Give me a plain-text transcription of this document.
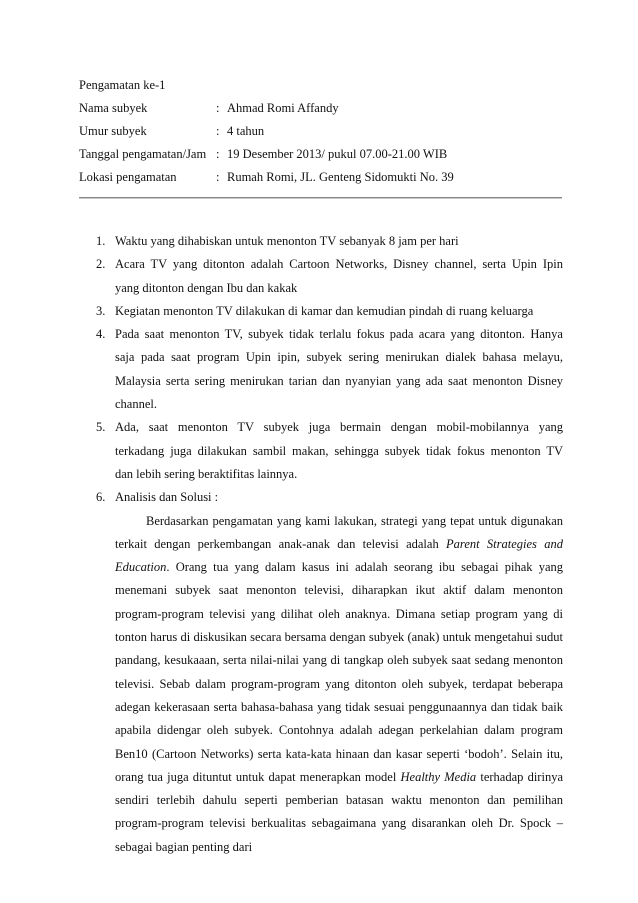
Pengamatan ke-1
Nama subyek	: Ahmad Romi Affandy
Umur subyek	: 4 tahun
Tanggal pengamatan/Jam : 19 Desember 2013/ pukul 07.00-21.00 WIB
Lokasi pengamatan	: Rumah Romi, JL. Genteng Sidomukti No. 39
1. Waktu yang dihabiskan untuk menonton TV sebanyak 8 jam per hari

2. Acara TV yang ditonton adalah Cartoon Networks, Disney channel, serta Upin Ipin

yang ditonton dengan Ibu dan kakak

3. Kegiatan menonton TV dilakukan di kamar dan kemudian pindah di ruang keluarga

4. Pada saat menonton TV, subyek tidak terlalu fokus pada acara yang ditonton. Hanya

saja pada saat program Upin ipin, subyek sering menirukan dialek bahasa melayu,

Malaysia serta sering menirukan tarian dan nyanyian yang ada saat menonton Disney

channel.

5. Ada, saat menonton TV subyek juga bermain dengan mobil-mobilannya yang

terkadang juga dilakukan sambil makan, sehingga subyek tidak fokus menonton TV

dan lebih sering beraktifitas lainnya.

6. Analisis dan Solusi :

Berdasarkan pengamatan yang kami lakukan, strategi yang tepat untuk digunakan terkait dengan perkembangan anak-anak dan televisi adalah Parent Strategies and Education. Orang tua yang dalam kasus ini adalah seorang ibu sebagai pihak yang menemani subyek saat menonton televisi, diharapkan ikut aktif dalam menonton program-program televisi yang dilihat oleh anaknya. Dimana setiap program yang di tonton harus di diskusikan secara bersama dengan subyek (anak) untuk mengetahui sudut pandang, kesukaaan, serta nilai-nilai yang di tangkap oleh subyek saat sedang menonton televisi. Sebab dalam program-program yang ditonton oleh subyek, terdapat beberapa adegan kekerasaan serta bahasa-bahasa yang tidak sesuai penggunaannya dan tidak baik apabila didengar oleh subyek. Contohnya adalah adegan perkelahian dalam program Ben10 (Cartoon Networks) serta kata-kata hinaan dan kasar seperti ‘bodoh’. Selain itu, orang tua juga dituntut untuk dapat menerapkan model Healthy Media terhadap dirinya sendiri terlebih dahulu seperti pemberian batasan waktu menonton dan pemilihan program-program televisi berkualitas sebagaimana yang disarankan oleh Dr. Spock – sebagai bagian penting dari
